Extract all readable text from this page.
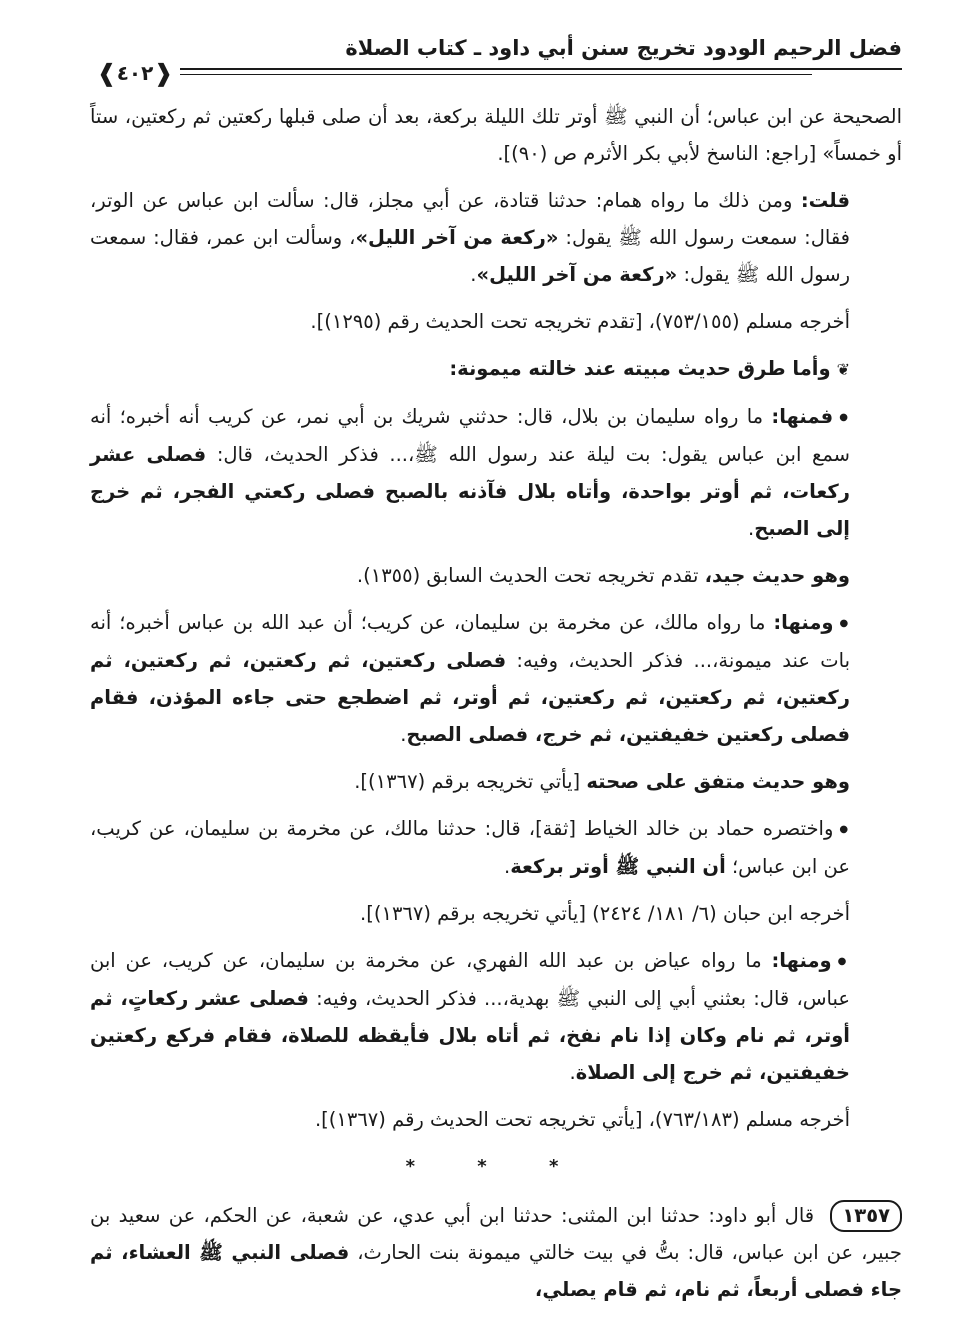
فضل الرحيم الودود تخريج سنن أبي داود ـ كتاب الصلاة
❰
٤٠٢
❱

الصحيحة عن ابن عباس؛ أن النبي ﷺ أوتر تلك الليلة بركعة، بعد أن صلى قبلها ركعتين ثم ركعتين، ستاً أو خمساً» [راجع: الناسخ لأبي بكر الأثرم ص (٩٠)].

قلت: ومن ذلك ما رواه همام: حدثنا قتادة، عن أبي مجلز، قال: سألت ابن عباس عن الوتر، فقال: سمعت رسول الله ﷺ يقول: «ركعة من آخر الليل»، وسألت ابن عمر، فقال: سمعت رسول الله ﷺ يقول: «ركعة من آخر الليل».

أخرجه مسلم (٧٥٣/١٥٥)، [تقدم تخريجه تحت الحديث رقم (١٢٩٥)].

❦وأما طرق حديث مبيته عند خالته ميمونة:

● فمنها: ما رواه سليمان بن بلال، قال: حدثني شريك بن أبي نمر، عن كريب أنه أخبره؛ أنه سمع ابن عباس يقول: بت ليلة عند رسول الله ﷺ،... فذكر الحديث، قال: فصلى عشر ركعات، ثم أوتر بواحدة، وأتاه بلال فآذنه بالصبح فصلى ركعتي الفجر، ثم خرج إلى الصبح.

وهو حديث جيد، تقدم تخريجه تحت الحديث السابق (١٣٥٥).

● ومنها: ما رواه مالك، عن مخرمة بن سليمان، عن كريب؛ أن عبد الله بن عباس أخبره؛ أنه بات عند ميمونة،... فذكر الحديث، وفيه: فصلى ركعتين، ثم ركعتين، ثم ركعتين، ثم ركعتين، ثم ركعتين، ثم ركعتين، ثم أوتر، ثم اضطجع حتى جاءه المؤذن، فقام فصلى ركعتين خفيفتين، ثم خرج، فصلى الصبح.

وهو حديث متفق على صحته [يأتي تخريجه برقم (١٣٦٧)].

● واختصره حماد بن خالد الخياط [ثقة]، قال: حدثنا مالك، عن مخرمة بن سليمان، عن كريب، عن ابن عباس؛ أن النبي ﷺ أوتر بركعة.

أخرجه ابن حبان (٦/ ١٨١/ ٢٤٢٤) [يأتي تخريجه برقم (١٣٦٧)].

● ومنها: ما رواه عياض بن عبد الله الفهري، عن مخرمة بن سليمان، عن كريب، عن ابن عباس، قال: بعثني أبي إلى النبي ﷺ بهدية،... فذكر الحديث، وفيه: فصلى عشر ركعاتٍ، ثم أوتر، ثم نام وكان إذا نام نفخ، ثم أتاه بلال فأيقظه للصلاة، فقام فركع ركعتين خفيفتين، ثم خرج إلى الصلاة.

أخرجه مسلم (٧٦٣/١٨٣)، [يأتي تخريجه تحت الحديث رقم (١٣٦٧)].

* * *

١٣٥٧ قال أبو داود: حدثنا ابن المثنى: حدثنا ابن أبي عدي، عن شعبة، عن الحكم، عن سعيد بن جبير، عن ابن عباس، قال: بتُّ في بيت خالتي ميمونة بنت الحارث، فصلى النبي ﷺ العشاء، ثم جاء فصلى أربعاً، ثم نام، ثم قام يصلي،
